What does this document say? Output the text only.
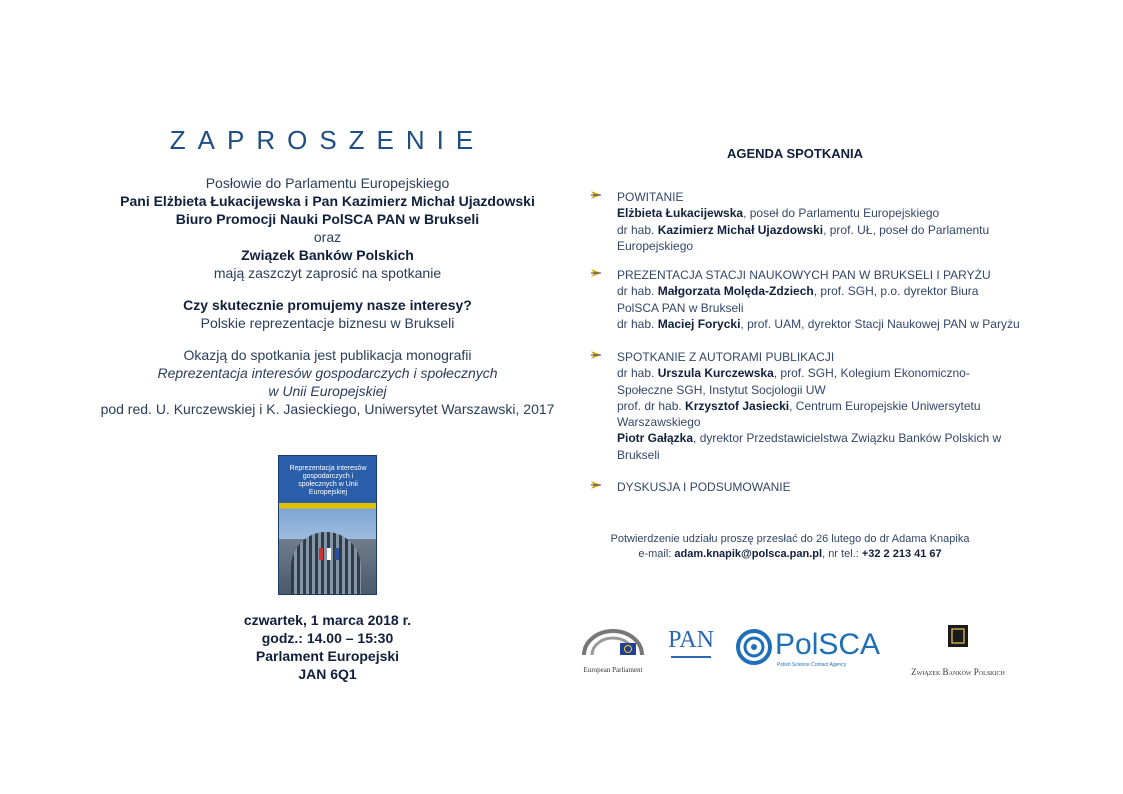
ZAPROSZENIE
Posłowie do Parlamentu Europejskiego
Pani Elżbieta Łukacijewska i Pan Kazimierz Michał Ujazdowski
Biuro Promocji Nauki PolSCA PAN w Brukseli
oraz
Związek Banków Polskich
mają zaszczyt zaprosić na spotkanie
Czy skutecznie promujemy nasze interesy?
Polskie reprezentacje biznesu w Brukseli
Okazją do spotkania jest publikacja monografii
Reprezentacja interesów gospodarczych i społecznych
w Unii Europejskiej
pod red. U. Kurczewskiej i K. Jasieckiego, Uniwersytet Warszawski, 2017
Reprezentacja interesów gospodarczych i społecznych w Unii Europejskiej
czwartek, 1 marca 2018 r.
godz.: 14.00 – 15:30
Parlament Europejski
JAN 6Q1
AGENDA SPOTKANIA
POWITANIE
Elżbieta Łukacijewska, poseł do Parlamentu Europejskiego
dr hab. Kazimierz Michał Ujazdowski, prof. UŁ, poseł do Parlamentu Europejskiego
PREZENTACJA STACJI NAUKOWYCH PAN W BRUKSELI I PARYŻU
dr hab. Małgorzata Molęda-Zdziech, prof. SGH, p.o. dyrektor Biura PolSCA PAN w Brukseli
dr hab. Maciej Forycki, prof. UAM, dyrektor Stacji Naukowej PAN w Paryżu
SPOTKANIE Z AUTORAMI PUBLIKACJI
dr hab. Urszula Kurczewska, prof. SGH, Kolegium Ekonomiczno-Społeczne SGH, Instytut Socjologii UW
prof. dr hab. Krzysztof Jasiecki, Centrum Europejskie Uniwersytetu Warszawskiego
Piotr Gałązka, dyrektor Przedstawicielstwa Związku Banków Polskich w Brukseli
DYSKUSJA I PODSUMOWANIE
Potwierdzenie udziału proszę przesłać do 26 lutego do dr Adama Knapika
e-mail: adam.knapik@polsca.pan.pl, nr tel.: +32 2 213 41 67
European Parliament
PAN PolSCA
Polish Science Contact Agency
Związek Banków Polskich
